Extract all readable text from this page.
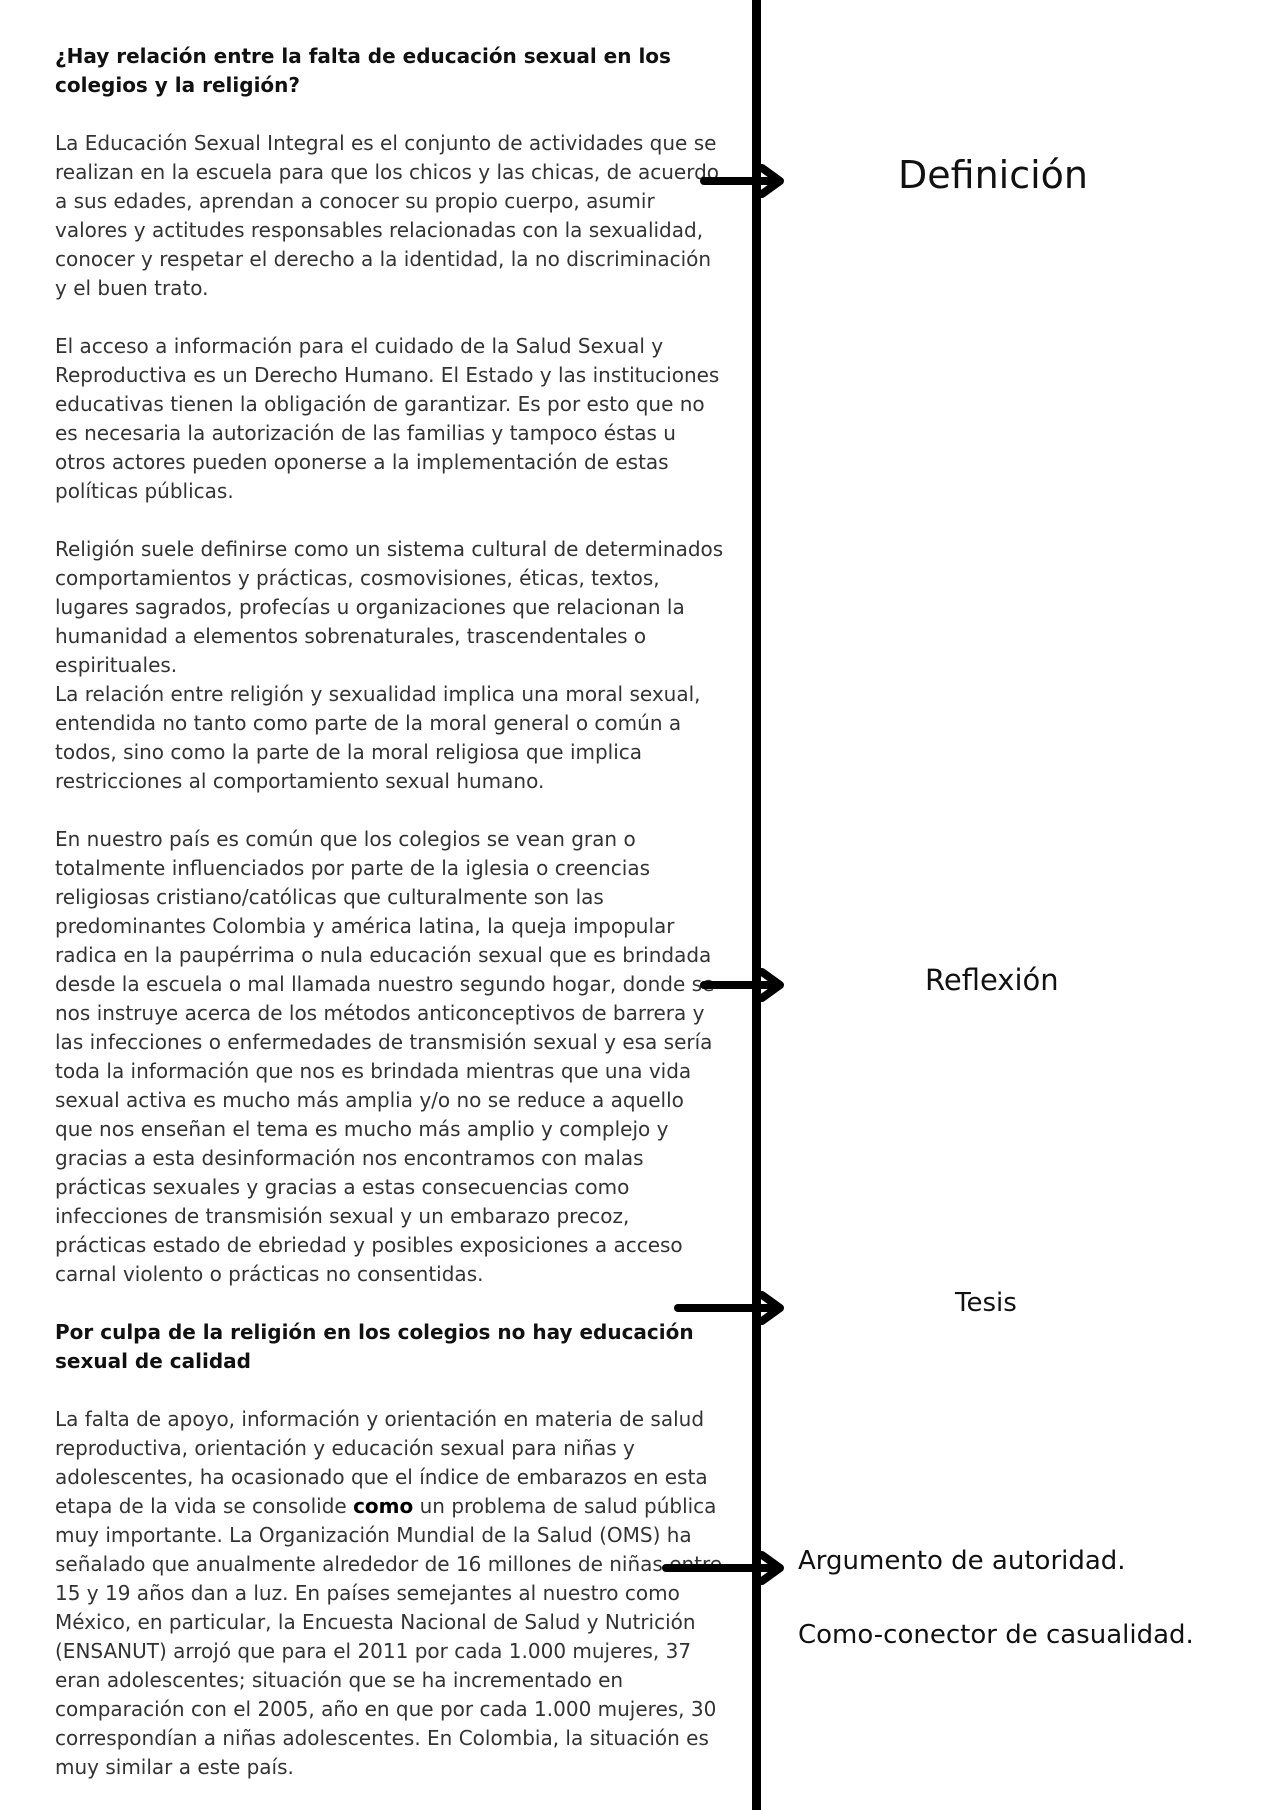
¿Hay relación entre la falta de educación sexual en los colegios y la religión?

La Educación Sexual Integral es el conjunto de actividades que se realizan en la escuela para que los chicos y las chicas, de acuerdo a sus edades, aprendan a conocer su propio cuerpo, asumir valores y actitudes responsables relacionadas con la sexualidad, conocer y respetar el derecho a la identidad, la no discriminación y el buen trato.

El acceso a información para el cuidado de la Salud Sexual y Reproductiva es un Derecho Humano. El Estado y las instituciones educativas tienen la obligación de garantizar. Es por esto que no es necesaria la autorización de las familias y tampoco éstas u otros actores pueden oponerse a la implementación de estas políticas públicas.

Religión suele definirse como un sistema cultural de determinados comportamientos y prácticas, cosmovisiones, éticas, textos, lugares sagrados, profecías u organizaciones que relacionan la humanidad a elementos sobrenaturales, trascendentales o espirituales.

La relación entre religión y sexualidad implica una moral sexual, entendida no tanto como parte de la moral general o común a todos, sino como la parte de la moral religiosa que implica restricciones al comportamiento sexual humano.

En nuestro país es común que los colegios se vean gran o totalmente influenciados por parte de la iglesia o creencias religiosas cristiano/católicas que culturalmente son las predominantes Colombia y américa latina, la queja impopular radica en la paupérrima o nula educación sexual que es brindada desde la escuela o mal llamada nuestro segundo hogar, donde se nos instruye acerca de los métodos anticonceptivos de barrera y las infecciones o enfermedades de transmisión sexual y esa sería toda la información que nos es brindada mientras que una vida sexual activa es mucho más amplia y/o no se reduce a aquello que nos enseñan el tema es mucho más amplio y complejo y gracias a esta desinformación nos encontramos con malas prácticas sexuales y gracias a estas consecuencias como infecciones de transmisión sexual y un embarazo precoz, prácticas estado de ebriedad y posibles exposiciones a acceso carnal violento o prácticas no consentidas.

Por culpa de la religión en los colegios no hay educación sexual de calidad

La falta de apoyo, información y orientación en materia de salud reproductiva, orientación y educación sexual para niñas y adolescentes, ha ocasionado que el índice de embarazos en esta etapa de la vida se consolide como un problema de salud pública muy importante. La Organización Mundial de la Salud (OMS) ha señalado que anualmente alrededor de 16 millones de niñas entre 15 y 19 años dan a luz. En países semejantes al nuestro como México, en particular, la Encuesta Nacional de Salud y Nutrición (ENSANUT) arrojó que para el 2011 por cada 1.000 mujeres, 37 eran adolescentes; situación que se ha incrementado en comparación con el 2005, año en que por cada 1.000 mujeres, 30 correspondían a niñas adolescentes. En Colombia, la situación es muy similar a este país.

Definición
Reflexión
Tesis
Argumento de autoridad.
Como-conector de casualidad.
